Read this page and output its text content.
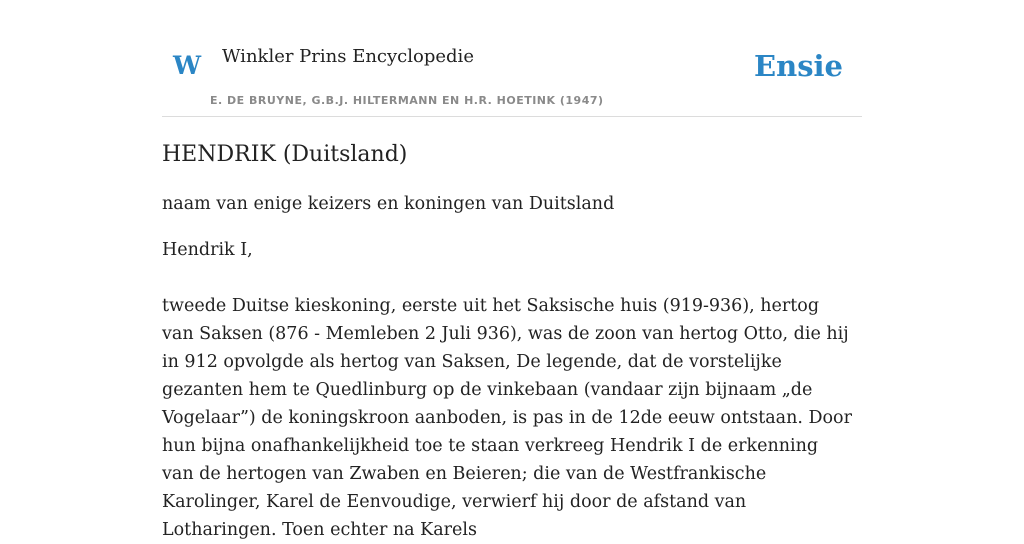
W Winkler Prins Encyclopedie
E. DE BRUYNE, G.B.J. HILTERMANN EN H.R. HOETINK (1947)
Ensie
HENDRIK (Duitsland)

naam van enige keizers en koningen van Duitsland

Hendrik I,

tweede Duitse kieskoning, eerste uit het Saksische huis (919-936), hertog van Saksen (876 - Memleben 2 Juli 936), was de zoon van hertog Otto, die hij in 912 opvolgde als hertog van Saksen, De legende, dat de vorstelijke gezanten hem te Quedlinburg op de vinkebaan (vandaar zijn bijnaam „de Vogelaar”) de koningskroon aanboden, is pas in de 12de eeuw ontstaan. Door hun bijna onafhankelijkheid toe te staan verkreeg Hendrik I de erkenning van de hertogen van Zwaben en Beieren; die van de Westfrankische Karolinger, Karel de Eenvoudige, verwierf hij door de afstand van Lotharingen. Toen echter na Karels
